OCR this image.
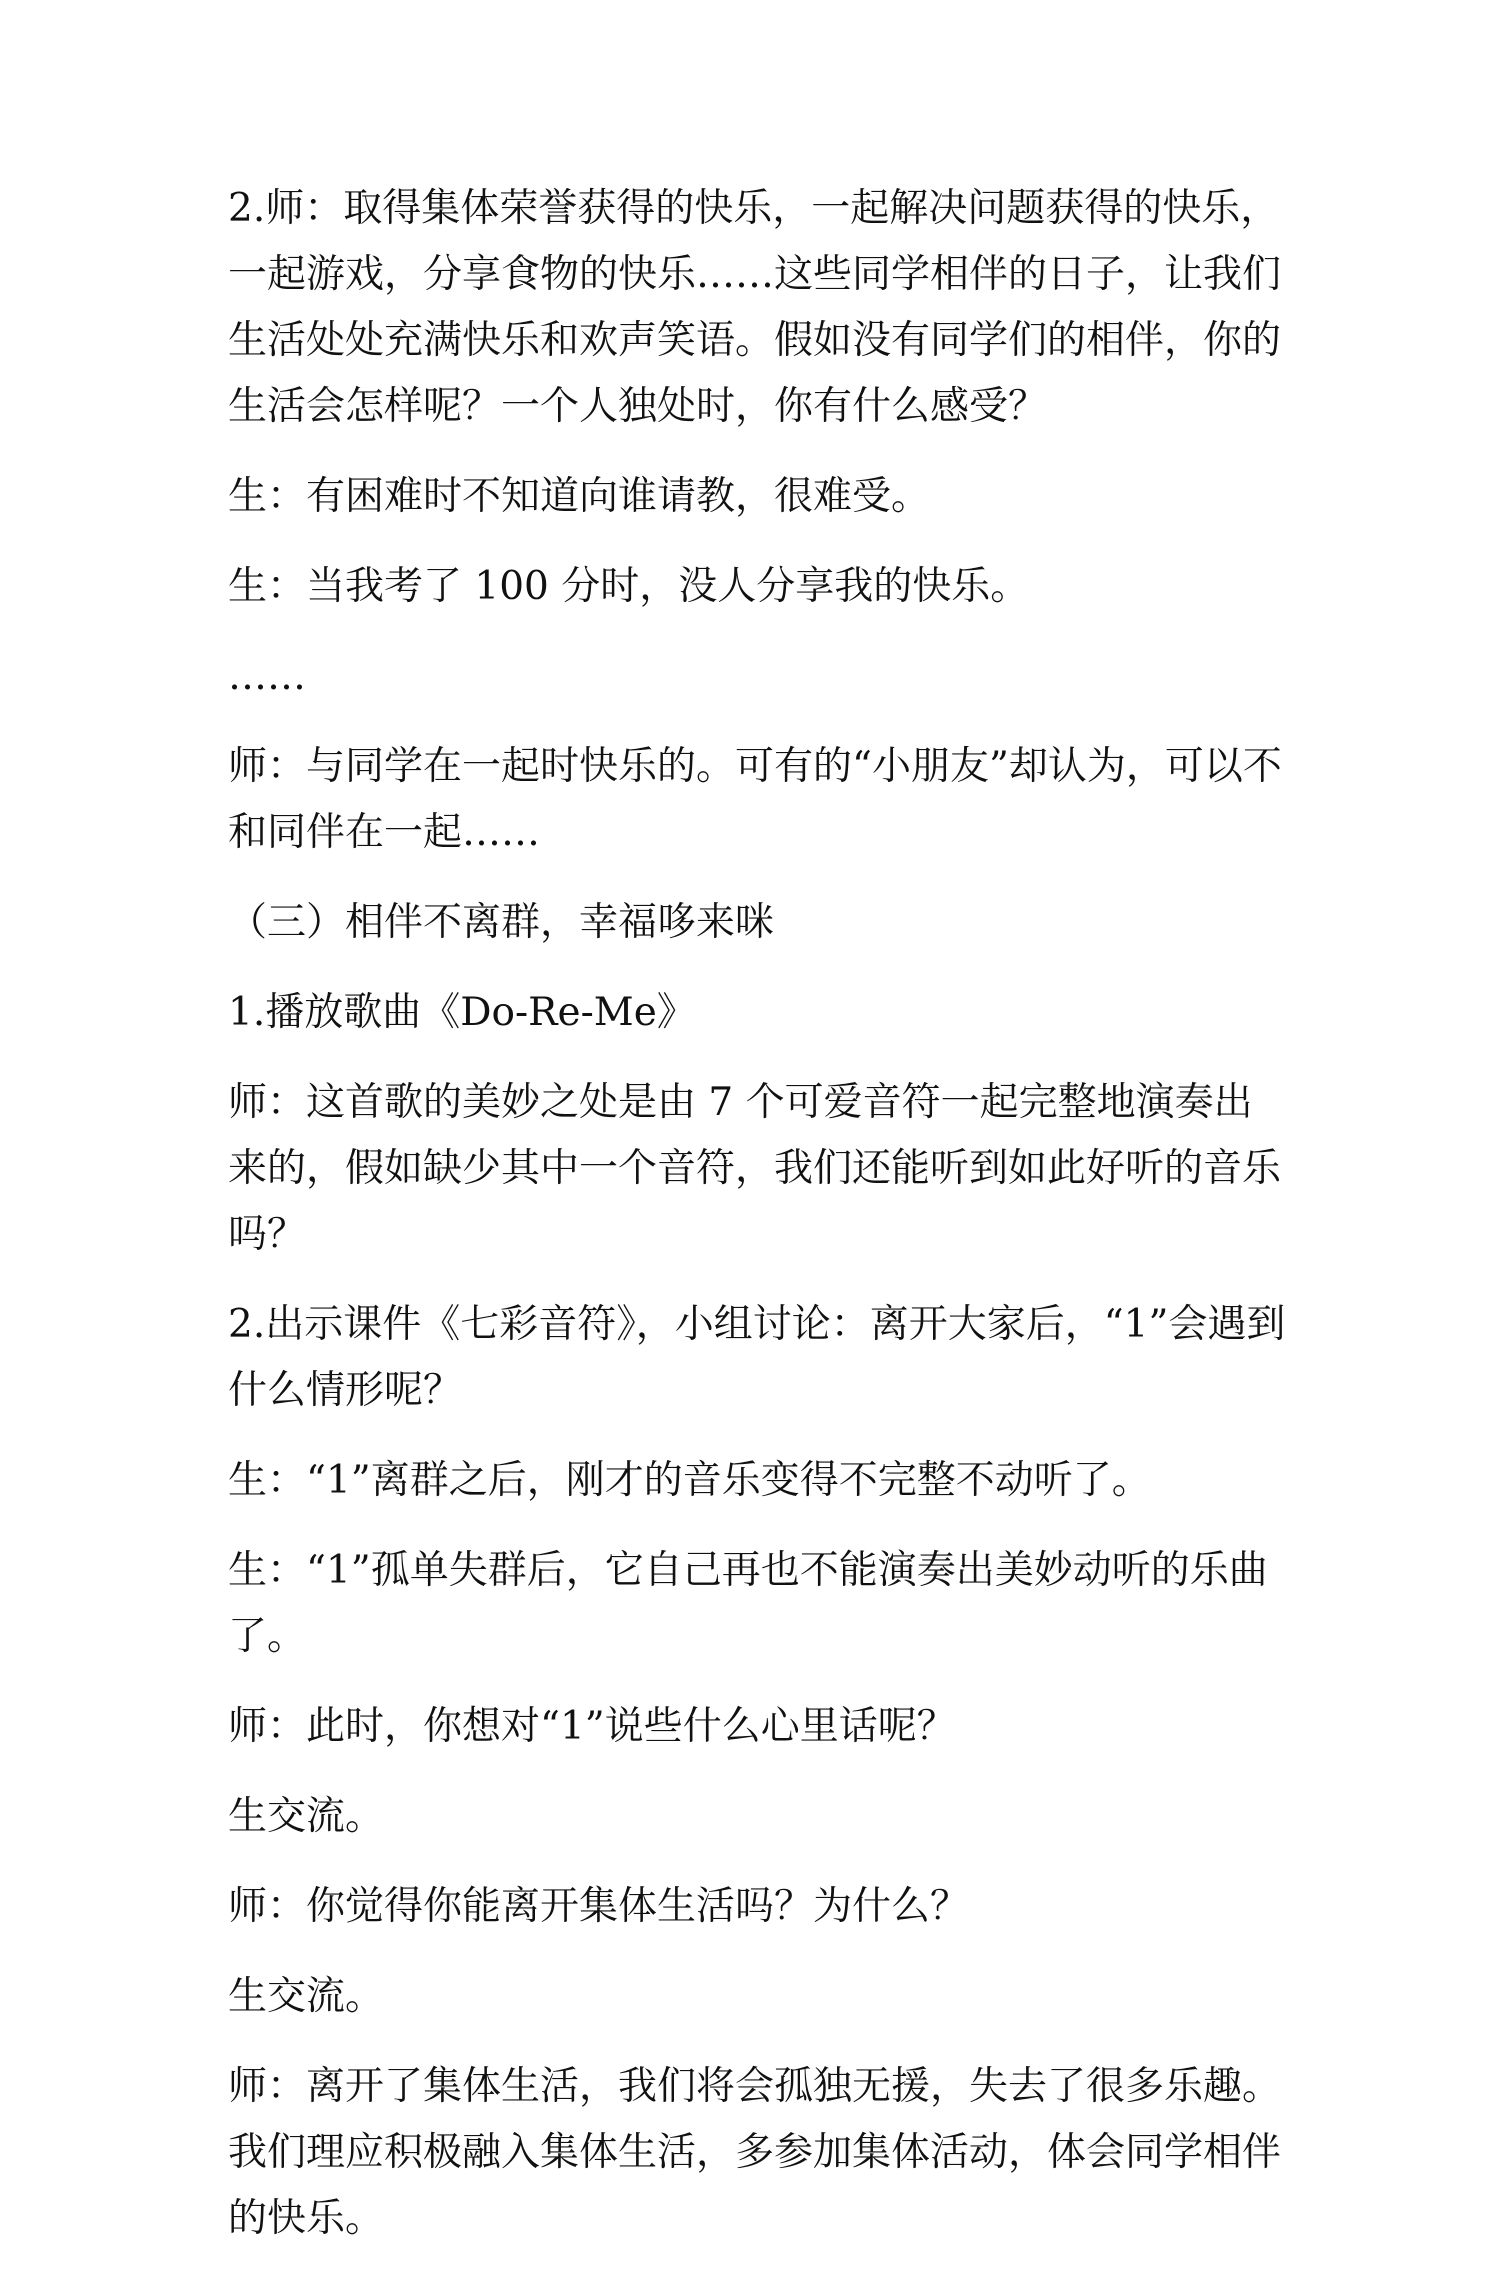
2.师：取得集体荣誉获得的快乐，一起解决问题获得的快乐，一起游戏，分享食物的快乐……这些同学相伴的日子，让我们生活处处充满快乐和欢声笑语。假如没有同学们的相伴，你的生活会怎样呢？一个人独处时，你有什么感受？

生：有困难时不知道向谁请教，很难受。

生：当我考了 100 分时，没人分享我的快乐。

……

师：与同学在一起时快乐的。可有的“小朋友”却认为，可以不和同伴在一起……

（三）相伴不离群，幸福哆来咪

1.播放歌曲《Do-Re-Me》

师：这首歌的美妙之处是由 7 个可爱音符一起完整地演奏出来的，假如缺少其中一个音符，我们还能听到如此好听的音乐吗？

2.出示课件《七彩音符》，小组讨论：离开大家后，“1”会遇到什么情形呢？

生：“1”离群之后，刚才的音乐变得不完整不动听了。

生：“1”孤单失群后，它自己再也不能演奏出美妙动听的乐曲了。

师：此时，你想对“1”说些什么心里话呢？

生交流。

师：你觉得你能离开集体生活吗？为什么？

生交流。

师：离开了集体生活，我们将会孤独无援，失去了很多乐趣。我们理应积极融入集体生活，多参加集体活动，体会同学相伴的快乐。
